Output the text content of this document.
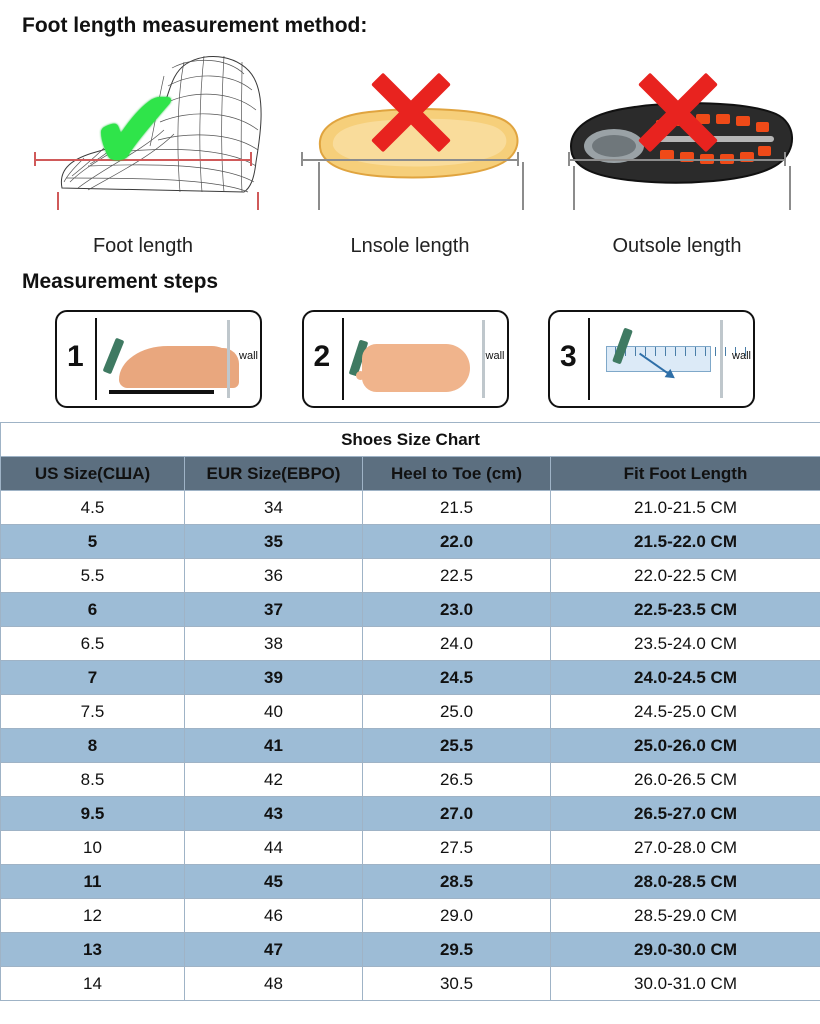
Foot length measurement method:
✔
Foot length	Lnsole length	Outsole length
Measurement steps
1	wall 2	wall 3	wall
Shoes Size Chart			
US Size(США)	EUR Size(ЕВРО)	Heel to Toe (cm)	Fit Foot Length
4.5	34	21.5	21.0-21.5 CM
5	35	22.0	21.5-22.0 CM
5.5	36	22.5	22.0-22.5 CM
6	37	23.0	22.5-23.5 CM
6.5	38	24.0	23.5-24.0 CM
7	39	24.5	24.0-24.5 CM
7.5	40	25.0	24.5-25.0 CM
8	41	25.5	25.0-26.0 CM
8.5	42	26.5	26.0-26.5 CM
9.5	43	27.0	26.5-27.0 CM
10	44	27.5	27.0-28.0 CM
11	45	28.5	28.0-28.5 CM
12	46	29.0	28.5-29.0 CM
13	47	29.5	29.0-30.0 CM
14	48	30.5	30.0-31.0 CM
